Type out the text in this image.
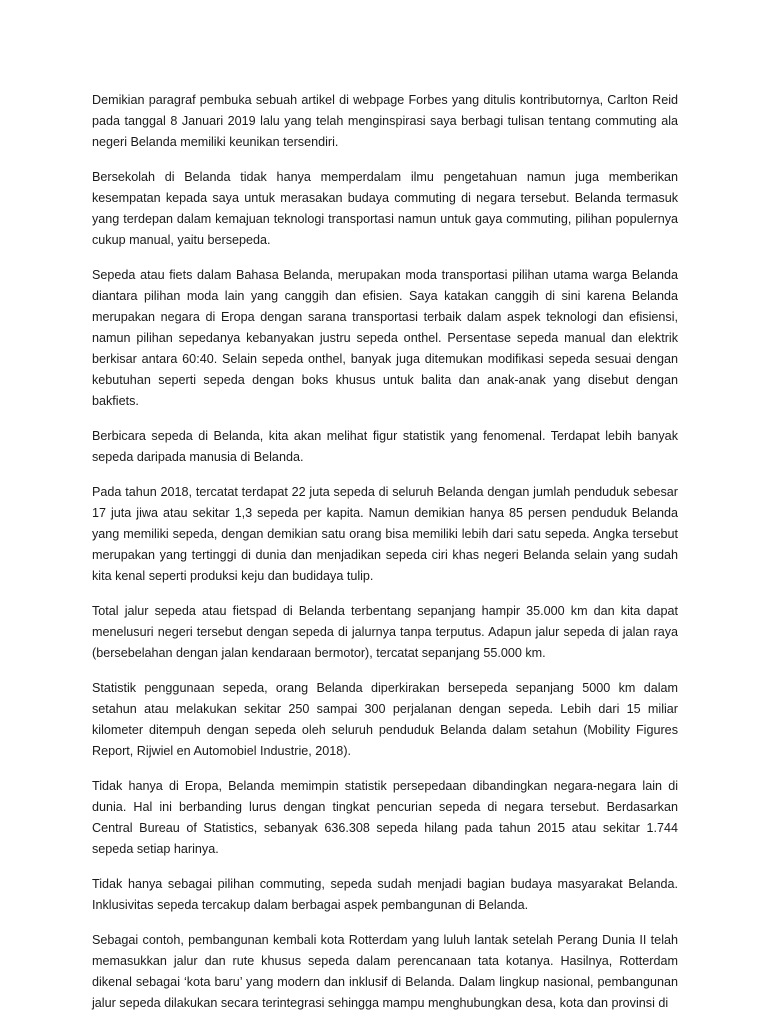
Demikian paragraf pembuka sebuah artikel di webpage Forbes yang ditulis kontributornya, Carlton Reid pada tanggal 8 Januari 2019 lalu yang telah menginspirasi saya berbagi tulisan tentang commuting ala negeri Belanda memiliki keunikan tersendiri.

Bersekolah di Belanda tidak hanya memperdalam ilmu pengetahuan namun juga memberikan kesempatan kepada saya untuk merasakan budaya commuting di negara tersebut. Belanda termasuk yang terdepan dalam kemajuan teknologi transportasi namun untuk gaya commuting, pilihan populernya cukup manual, yaitu bersepeda.

Sepeda atau fiets dalam Bahasa Belanda, merupakan moda transportasi pilihan utama warga Belanda diantara pilihan moda lain yang canggih dan efisien. Saya katakan canggih di sini karena Belanda merupakan negara di Eropa dengan sarana transportasi terbaik dalam aspek teknologi dan efisiensi, namun pilihan sepedanya kebanyakan justru sepeda onthel. Persentase sepeda manual dan elektrik berkisar antara 60:40. Selain sepeda onthel, banyak juga ditemukan modifikasi sepeda sesuai dengan kebutuhan seperti sepeda dengan boks khusus untuk balita dan anak-anak yang disebut dengan bakfiets.

Berbicara sepeda di Belanda, kita akan melihat figur statistik yang fenomenal. Terdapat lebih banyak sepeda daripada manusia di Belanda.

Pada tahun 2018, tercatat terdapat 22 juta sepeda di seluruh Belanda dengan jumlah penduduk sebesar 17 juta jiwa atau sekitar 1,3 sepeda per kapita. Namun demikian hanya 85 persen penduduk Belanda yang memiliki sepeda, dengan demikian satu orang bisa memiliki lebih dari satu sepeda. Angka tersebut merupakan yang tertinggi di dunia dan menjadikan sepeda ciri khas negeri Belanda selain yang sudah kita kenal seperti produksi keju dan budidaya tulip.

Total jalur sepeda atau fietspad di Belanda terbentang sepanjang hampir 35.000 km dan kita dapat menelusuri negeri tersebut dengan sepeda di jalurnya tanpa terputus. Adapun jalur sepeda di jalan raya (bersebelahan dengan jalan kendaraan bermotor), tercatat sepanjang 55.000 km.

Statistik penggunaan sepeda, orang Belanda diperkirakan bersepeda sepanjang 5000 km dalam setahun atau melakukan sekitar 250 sampai 300 perjalanan dengan sepeda. Lebih dari 15 miliar kilometer ditempuh dengan sepeda oleh seluruh penduduk Belanda dalam setahun (Mobility Figures Report, Rijwiel en Automobiel Industrie, 2018).

Tidak hanya di Eropa, Belanda memimpin statistik persepedaan dibandingkan negara-negara lain di dunia. Hal ini berbanding lurus dengan tingkat pencurian sepeda di negara tersebut. Berdasarkan Central Bureau of Statistics, sebanyak 636.308 sepeda hilang pada tahun 2015 atau sekitar 1.744 sepeda setiap harinya.

Tidak hanya sebagai pilihan commuting, sepeda sudah menjadi bagian budaya masyarakat Belanda. Inklusivitas sepeda tercakup dalam berbagai aspek pembangunan di Belanda.

Sebagai contoh, pembangunan kembali kota Rotterdam yang luluh lantak setelah Perang Dunia II telah memasukkan jalur dan rute khusus sepeda dalam perencanaan tata kotanya. Hasilnya, Rotterdam dikenal sebagai ‘kota baru’ yang modern dan inklusif di Belanda. Dalam lingkup nasional, pembangunan jalur sepeda dilakukan secara terintegrasi sehingga mampu menghubungkan desa, kota dan provinsi di
